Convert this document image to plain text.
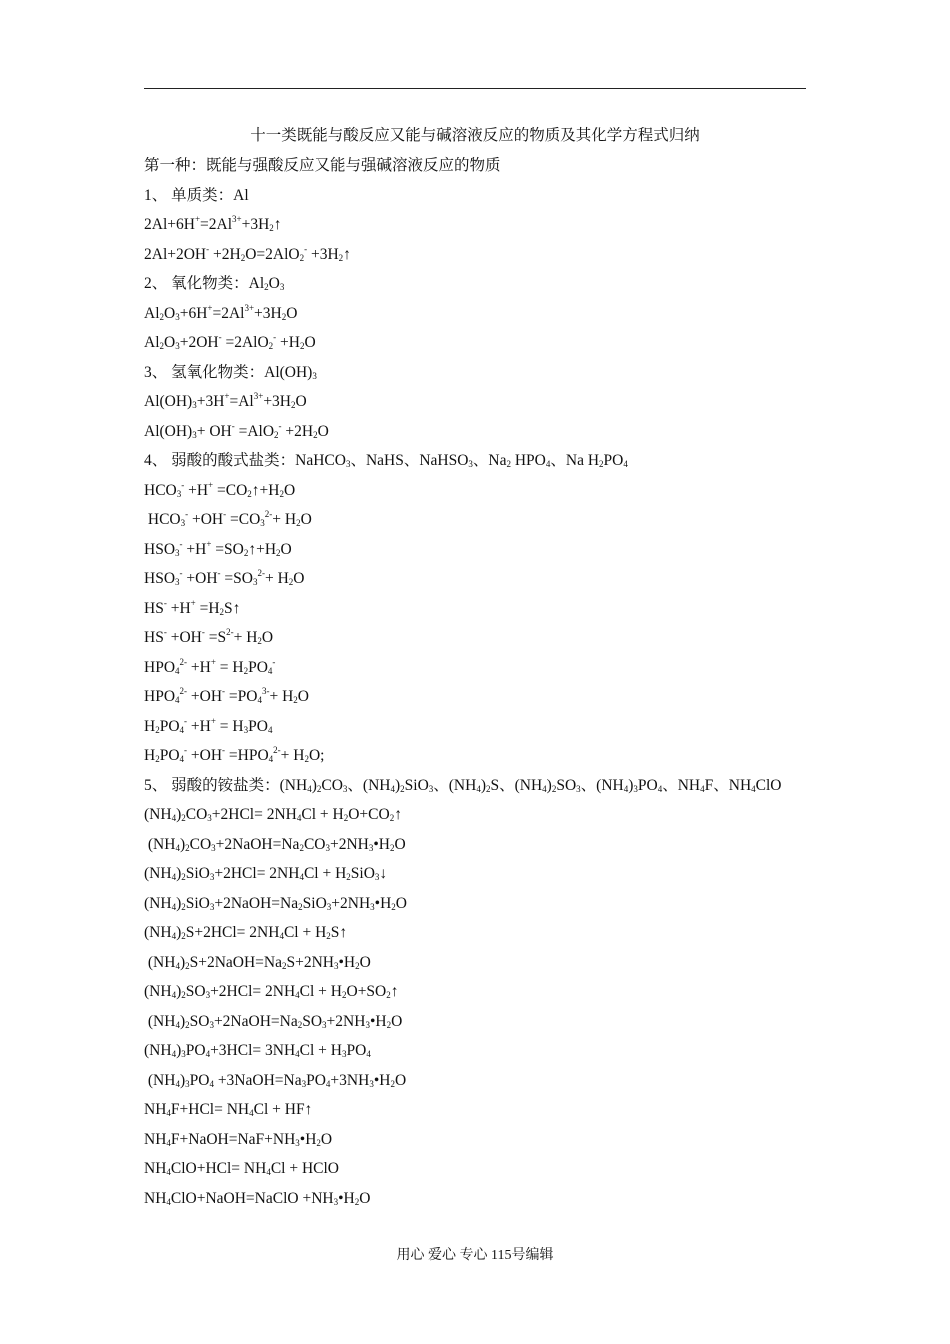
十一类既能与酸反应又能与碱溶液反应的物质及其化学方程式归纳
第一种：既能与强酸反应又能与强碱溶液反应的物质
1、 单质类：Al
$2Al+6H^+=2Al^{3+}+3H_2↑$
$2Al+2OH^- +2H_2O=2AlO_2^-$ $+3H_2↑$
2、 氧化物类：$Al_2O_3$
$Al_2O_3+6H^+=2Al^{3+}+3H_2O$
$Al_2O_3+2OH^- =2AlO_2^- +H_2O$
3、 氢氧化物类：$Al(OH)_3$
$Al(OH)_3+3H^+=Al^{3+}+3H_2O$
$Al(OH)_3+ OH^- =AlO_2^- +2H_2O$
4、 弱酸的酸式盐类：NaHCO$_3$、NaHS、NaHSO$_3$、$Na_2$ $HPO_4$、Na $H_2PO_4$
$HCO_3^- +H^+$ $=CO_2↑+H_2O$
$HCO_3^- +OH^- =CO_3^{2-}+ H_2O$
$HSO_3^- +H^+$ $=SO_2↑+H_2O$
$HSO_3^- +OH^- =SO_3^{2-}+ H_2O$
$HS^- +H^+ =H_2S↑$
$HS^- +OH^- =S^{2-}+ H_2O$
$HPO_4^{2-} +H^+ = H_2PO_4^-$
$HPO_4^{2-} +OH^- =PO_4^{3-}+ H_2O$
$H_2PO_4^- +H^+ = H_3PO_4$
$H_2PO_4^- +OH^- =HPO_4^{2-}+ H_2O$;
5、 弱酸的铵盐类：$(NH_4)_2CO_3$、$(NH_4)_2SiO_3$、$(NH_4)_2S$、$(NH_4)_2SO_3$、$(NH_4)_3PO_4$、$NH_4F$、$NH_4ClO$
$(NH_4)_2CO_3+2HCl= 2NH_4Cl$ + $H_2O+CO_2↑$
$(NH_4)_2CO_3+2NaOH=Na_2CO_3+2NH_3•H_2O$
$(NH_4)_2SiO_3+2HCl= 2NH_4Cl$ + $H_2SiO_3↓$
$(NH_4)_2SiO_3+2NaOH=Na_2SiO_3+2NH_3•H_2O$
$(NH_4)_2S+2HCl= 2NH_4Cl$ + $H_2S↑$
$(NH_4)_2S+2NaOH=Na_2S+2NH_3•H_2O$
$(NH_4)_2SO_3+2HCl= 2NH_4Cl$ + $H_2O+SO_2↑$
$(NH_4)_2SO_3+2NaOH=Na_2SO_3+2NH_3•H_2O$
$(NH_4)_3PO_4+3HCl= 3NH_4Cl + H_3PO_4$
$(NH_4)_3PO_4$ $+3NaOH=Na_3PO_4+3NH_3•H_2O$
$NH_4F+HCl= NH_4Cl$ + HF↑
$NH_4F+NaOH=NaF+NH_3•H_2O$
$NH_4ClO+HCl= NH_4Cl$ + HClO
$NH_4ClO+NaOH=NaClO$ $+NH_3•H_2O$
用心 爱心 专心 115号编辑
